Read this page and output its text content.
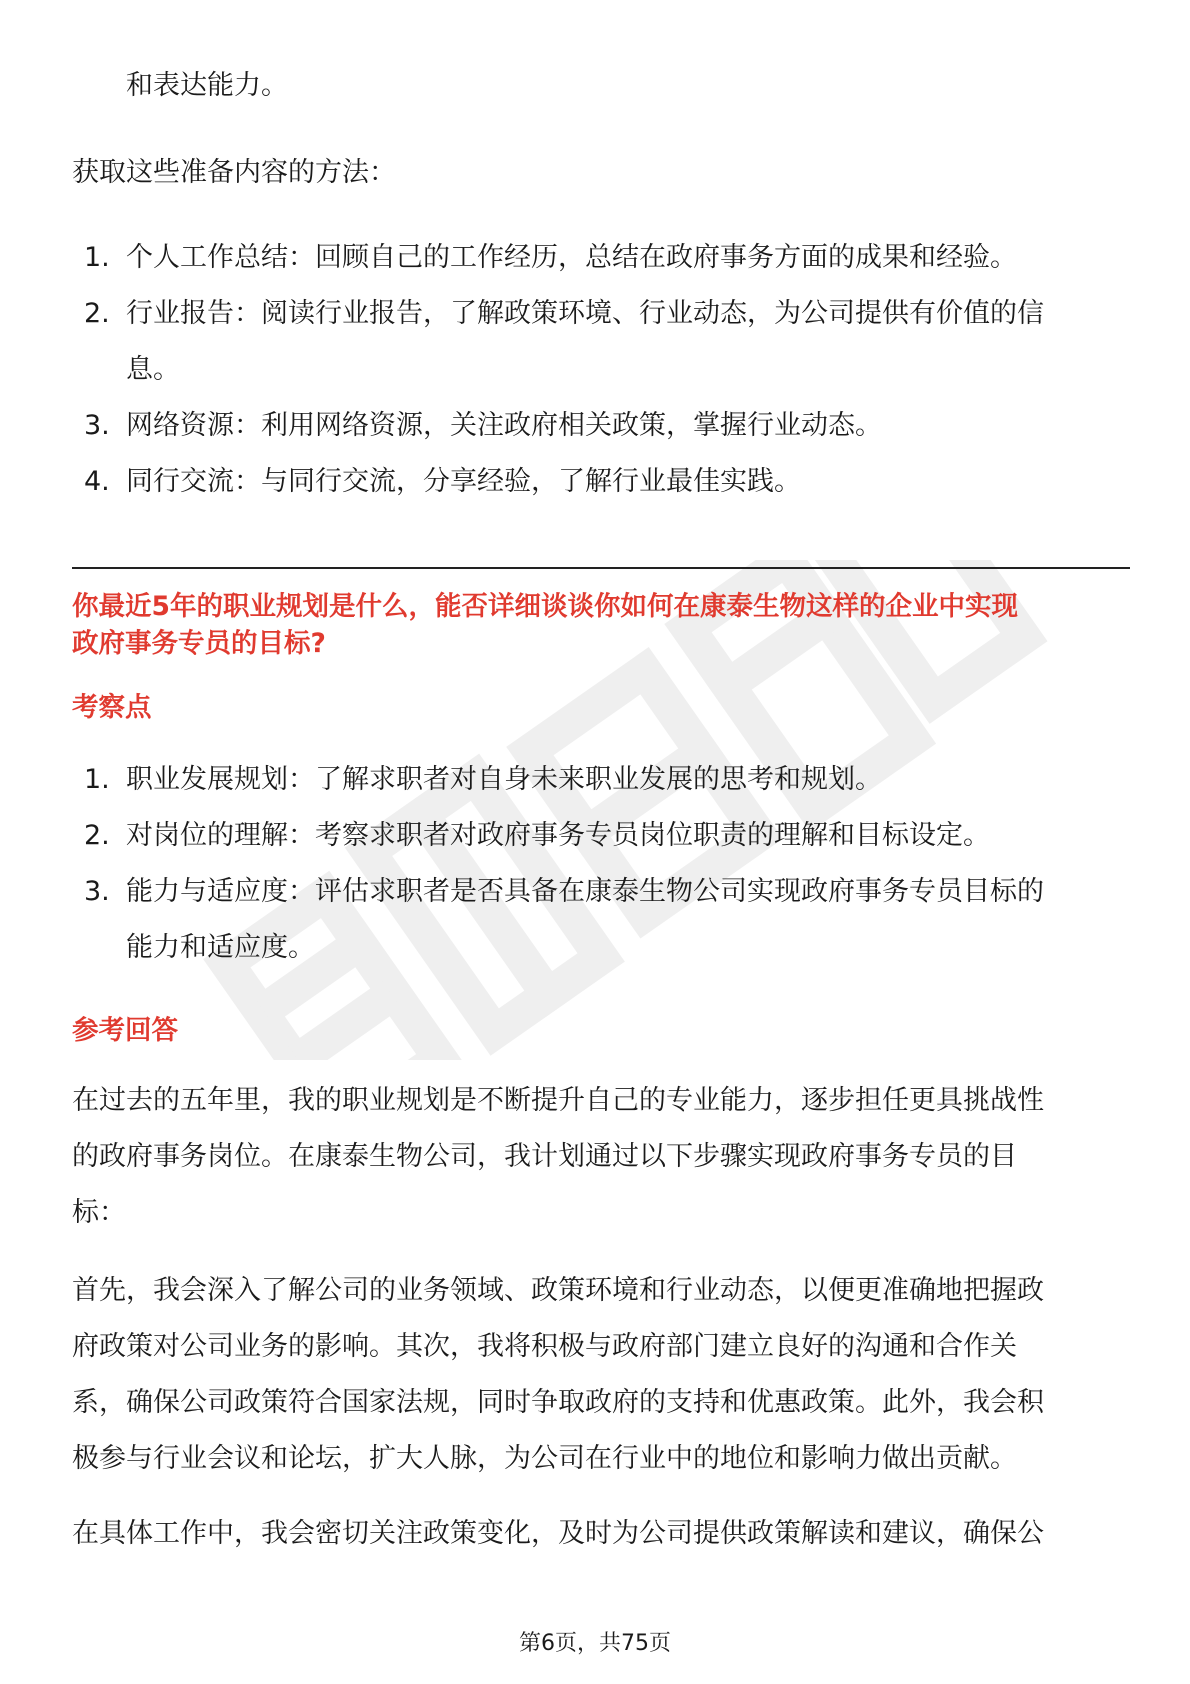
和表达能力。
获取这些准备内容的方法：
1. 个人工作总结：回顾自己的工作经历，总结在政府事务方面的成果和经验。
2. 行业报告：阅读行业报告，了解政策环境、行业动态，为公司提供有价值的信
息。
3. 网络资源：利用网络资源，关注政府相关政策，掌握行业动态。
4. 同行交流：与同行交流，分享经验，了解行业最佳实践。
你最近5年的职业规划是什么，能否详细谈谈你如何在康泰生物这样的企业中实现
政府事务专员的目标?
考察点
1. 职业发展规划：了解求职者对自身未来职业发展的思考和规划。
2. 对岗位的理解：考察求职者对政府事务专员岗位职责的理解和目标设定。
3. 能力与适应度：评估求职者是否具备在康泰生物公司实现政府事务专员目标的
能力和适应度。
参考回答
在过去的五年里，我的职业规划是不断提升自己的专业能力，逐步担任更具挑战性
的政府事务岗位。在康泰生物公司，我计划通过以下步骤实现政府事务专员的目
标：
首先，我会深入了解公司的业务领域、政策环境和行业动态，以便更准确地把握政
府政策对公司业务的影响。其次，我将积极与政府部门建立良好的沟通和合作关
系，确保公司政策符合国家法规，同时争取政府的支持和优惠政策。此外，我会积
极参与行业会议和论坛，扩大人脉，为公司在行业中的地位和影响力做出贡献。
在具体工作中，我会密切关注政策变化，及时为公司提供政策解读和建议，确保公
第6页，共75页
